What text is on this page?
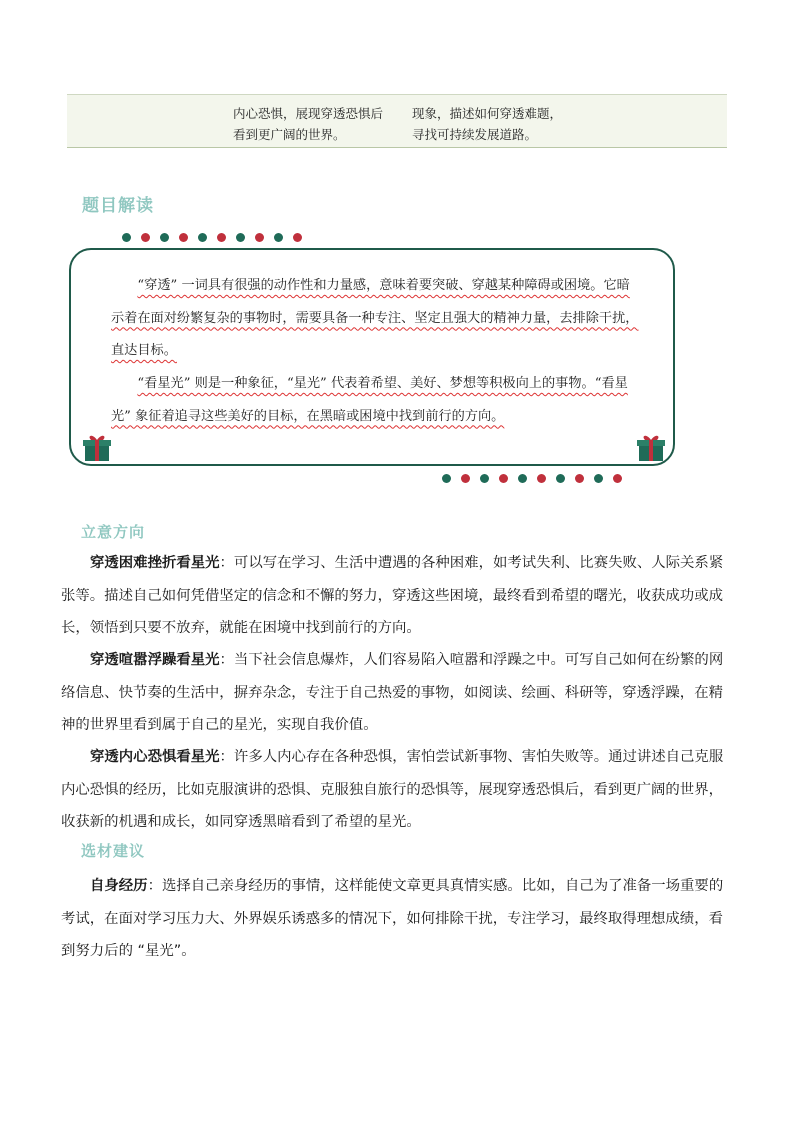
内心恐惧，展现穿透恐惧后
看到更广阔的世界。
现象，描述如何穿透难题，
寻找可持续发展道路。
题目解读

“穿透” 一词具有很强的动作性和力量感，意味着要突破、穿越某种障碍或困境。它暗示着在面对纷繁复杂的事物时，需要具备一种专注、坚定且强大的精神力量，去排除干扰，直达目标。

“看星光” 则是一种象征，“星光” 代表着希望、美好、梦想等积极向上的事物。“看星光” 象征着追寻这些美好的目标，在黑暗或困境中找到前行的方向。

立意方向

穿透困难挫折看星光：可以写在学习、生活中遭遇的各种困难，如考试失利、比赛失败、人际关系紧张等。描述自己如何凭借坚定的信念和不懈的努力，穿透这些困境，最终看到希望的曙光，收获成功或成长，领悟到只要不放弃，就能在困境中找到前行的方向。

穿透喧嚣浮躁看星光：当下社会信息爆炸，人们容易陷入喧嚣和浮躁之中。可写自己如何在纷繁的网络信息、快节奏的生活中，摒弃杂念，专注于自己热爱的事物，如阅读、绘画、科研等，穿透浮躁，在精神的世界里看到属于自己的星光，实现自我价值。

穿透内心恐惧看星光：许多人内心存在各种恐惧，害怕尝试新事物、害怕失败等。通过讲述自己克服内心恐惧的经历，比如克服演讲的恐惧、克服独自旅行的恐惧等，展现穿透恐惧后，看到更广阔的世界，收获新的机遇和成长，如同穿透黑暗看到了希望的星光。

选材建议

自身经历：选择自己亲身经历的事情，这样能使文章更具真情实感。比如，自己为了准备一场重要的考试，在面对学习压力大、外界娱乐诱惑多的情况下，如何排除干扰，专注学习，最终取得理想成绩，看到努力后的 “星光”。
